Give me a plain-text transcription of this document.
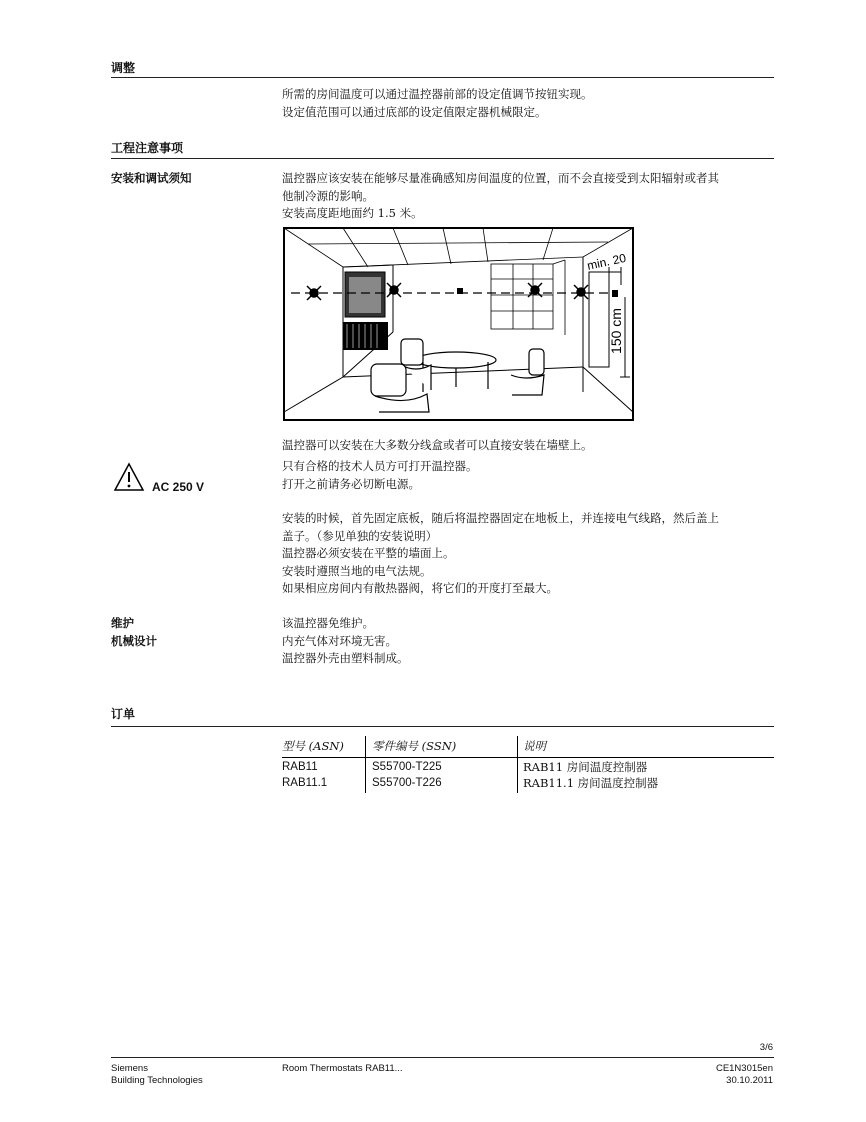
调整
所需的房间温度可以通过温控器前部的设定值调节按钮实现。
设定值范围可以通过底部的设定值限定器机械限定。
工程注意事项
安装和调试须知	温控器应该安装在能够尽量准确感知房间温度的位置，而不会直接受到太阳辐射或者其
他制冷源的影响。
安装高度距地面约 1.5 米。
min. 20
150 cm
温控器可以安装在大多数分线盒或者可以直接安装在墙壁上。
AC 250 V
只有合格的技术人员方可打开温控器。
打开之前请务必切断电源。
安装的时候，首先固定底板，随后将温控器固定在地板上，并连接电气线路，然后盖上
盖子。（参见单独的安装说明）
温控器必须安装在平整的墙面上。
安装时遵照当地的电气法规。
如果相应房间内有散热器阀，将它们的开度打至最大。
维护
机械设计
该温控器免维护。
内充气体对环境无害。
温控器外壳由塑料制成。
订单
型号 (ASN) 零件编号 (SSN)	说明
RAB11	S55700-T225	RAB11 房间温度控制器
RAB11.1	S55700-T226	RAB11.1 房间温度控制器
3/6
Siemens
Building Technologies
Room Thermostats RAB11...	CE1N3015en
30.10.2011
